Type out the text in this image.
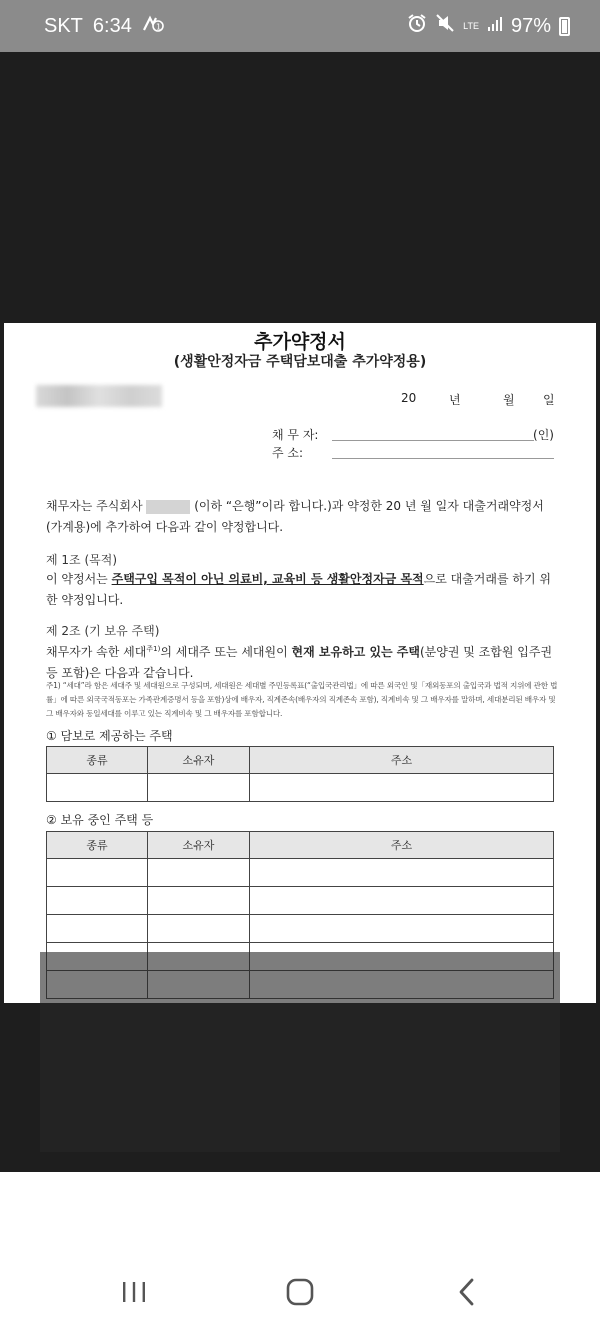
SKT 6:34	1	LTE 97%
추가약정서
(생활안정자금 주택담보대출 추가약정용)
20	년	월	일
채 무 자:	(인)
주 소:
채무자는 주식회사	(이하 “은행”이라 합니다.)과 약정한 20 년 월 일자 대출거래약정서(가계용)에 추가하여 다음과 같이 약정합니다.
제 1조 (목적)
이 약정서는 주택구입 목적이 아닌 의료비, 교육비 등 생활안정자금 목적으로 대출거래를 하기 위한 약정입니다.
제 2조 (기 보유 주택)
채무자가 속한 세대$^{주1)}$의 세대주 또는 세대원이 현재 보유하고 있는 주택(분양권 및 조합원 입주권 등 포함)은 다음과 같습니다.
주1) “세대”라 함은 세대주 및 세대원으로 구성되며, 세대원은 세대별 주민등록표(“출입국관리법」에 따른 외국인 및「재외동포의 출입국과 법적 지위에 관한 법률」에 따른 외국국적동포는 가족관계증명서 등을 포함)상에 배우자, 직계존속(배우자의 직계존속 포함), 직계비속 및 그 배우자를 말하며, 세대분리된 배우자 및 그 배우자와 동일세대를 이루고 있는 직계비속 및 그 배우자를 포함합니다.
① 담보로 제공하는 주택
종류	소유자	주소

② 보유 중인 주택 등
종류	소유자	주소
